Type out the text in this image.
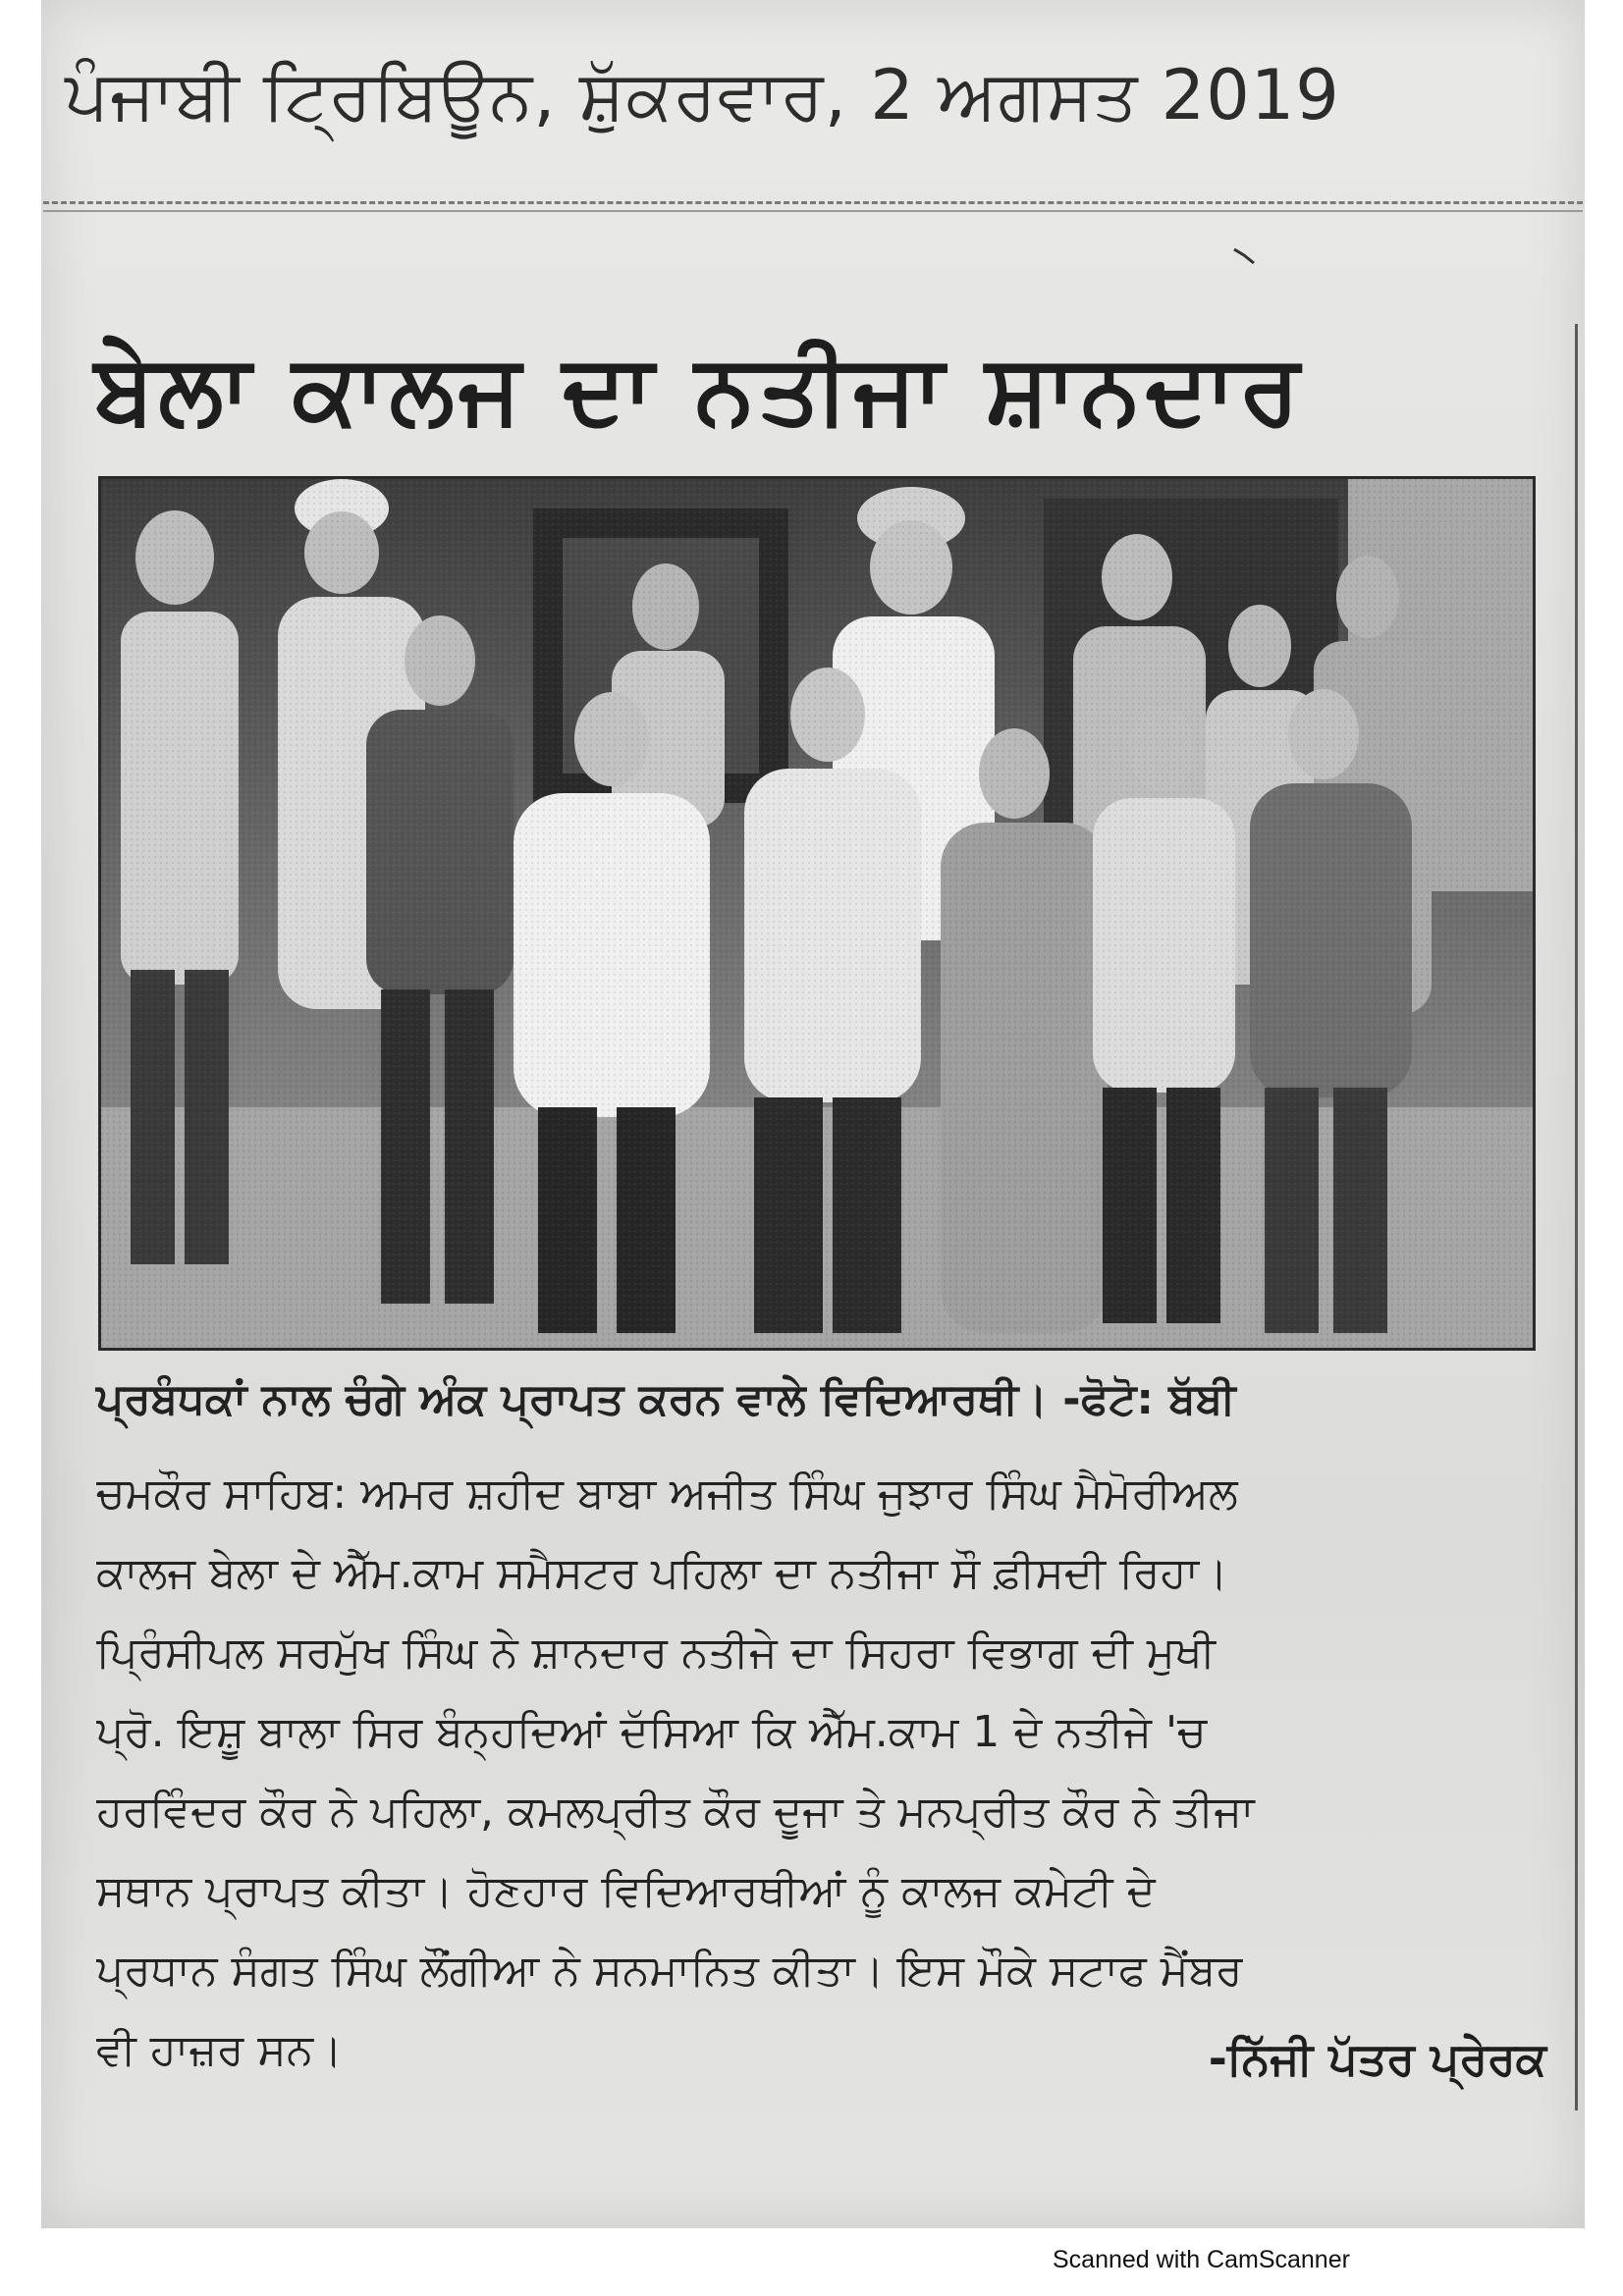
ਪੰਜਾਬੀ ਟ੍ਰਿਬਿਊਨ, ਸ਼ੁੱਕਰਵਾਰ, 2 ਅਗਸਤ 2019
ਬੇਲਾ ਕਾਲਜ ਦਾ ਨਤੀਜਾ ਸ਼ਾਨਦਾਰ
ਪ੍ਰਬੰਧਕਾਂ ਨਾਲ ਚੰਗੇ ਅੰਕ ਪ੍ਰਾਪਤ ਕਰਨ ਵਾਲੇ ਵਿਦਿਆਰਥੀ। -ਫੋਟੋ: ਬੱਬੀ
ਚਮਕੌਰ ਸਾਹਿਬ: ਅਮਰ ਸ਼ਹੀਦ ਬਾਬਾ ਅਜੀਤ ਸਿੰਘ ਜੁਝਾਰ ਸਿੰਘ ਮੈਮੋਰੀਅਲ
ਕਾਲਜ ਬੇਲਾ ਦੇ ਐੱਮ.ਕਾਮ ਸਮੈਸਟਰ ਪਹਿਲਾ ਦਾ ਨਤੀਜਾ ਸੌ ਫ਼ੀਸਦੀ ਰਿਹਾ।
ਪ੍ਰਿੰਸੀਪਲ ਸਰਮੁੱਖ ਸਿੰਘ ਨੇ ਸ਼ਾਨਦਾਰ ਨਤੀਜੇ ਦਾ ਸਿਹਰਾ ਵਿਭਾਗ ਦੀ ਮੁਖੀ
ਪ੍ਰੋ. ਇਸ਼ੂ ਬਾਲਾ ਸਿਰ ਬੰਨ੍ਹਦਿਆਂ ਦੱਸਿਆ ਕਿ ਐੱਮ.ਕਾਮ 1 ਦੇ ਨਤੀਜੇ 'ਚ
ਹਰਵਿੰਦਰ ਕੌਰ ਨੇ ਪਹਿਲਾ, ਕਮਲਪ੍ਰੀਤ ਕੌਰ ਦੂਜਾ ਤੇ ਮਨਪ੍ਰੀਤ ਕੌਰ ਨੇ ਤੀਜਾ
ਸਥਾਨ ਪ੍ਰਾਪਤ ਕੀਤਾ। ਹੋਣਹਾਰ ਵਿਦਿਆਰਥੀਆਂ ਨੂੰ ਕਾਲਜ ਕਮੇਟੀ ਦੇ
ਪ੍ਰਧਾਨ ਸੰਗਤ ਸਿੰਘ ਲੌਂਗੀਆ ਨੇ ਸਨਮਾਨਿਤ ਕੀਤਾ। ਇਸ ਮੌਕੇ ਸਟਾਫ ਮੈਂਬਰ
ਵੀ ਹਾਜ਼ਰ ਸਨ।	-ਨਿੱਜੀ ਪੱਤਰ ਪ੍ਰੇਰਕ
Scanned with CamScanner
